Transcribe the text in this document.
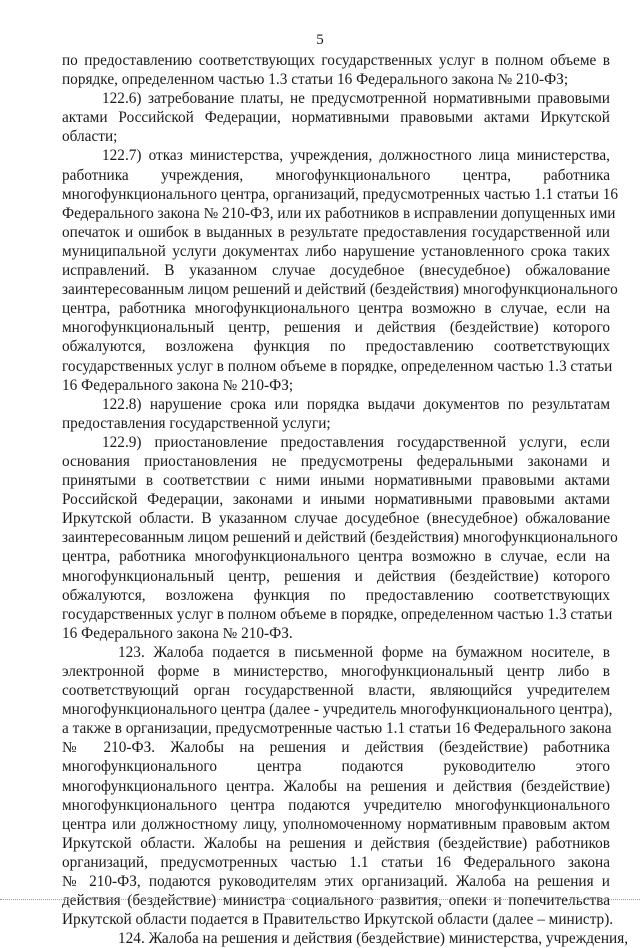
5
по предоставлению соответствующих государственных услуг в полном объеме в
порядке, определенном частью 1.3 статьи 16 Федерального закона № 210-ФЗ;
122.6) затребование платы, не предусмотренной нормативными правовыми
актами Российской Федерации, нормативными правовыми актами Иркутской
области;
122.7) отказ министерства, учреждения, должностного лица министерства,
работника учреждения, многофункционального центра, работника
многофункционального центра, организаций, предусмотренных частью 1.1 статьи 16
Федерального закона № 210-ФЗ, или их работников в исправлении допущенных ими
опечаток и ошибок в выданных в результате предоставления государственной или
муниципальной услуги документах либо нарушение установленного срока таких
исправлений. В указанном случае досудебное (внесудебное) обжалование
заинтересованным лицом решений и действий (бездействия) многофункционального
центра, работника многофункционального центра возможно в случае, если на
многофункциональный центр, решения и действия (бездействие) которого
обжалуются, возложена функция по предоставлению соответствующих
государственных услуг в полном объеме в порядке, определенном частью 1.3 статьи
16 Федерального закона № 210-ФЗ;
122.8) нарушение срока или порядка выдачи документов по результатам
предоставления государственной услуги;
122.9) приостановление предоставления государственной услуги, если
основания приостановления не предусмотрены федеральными законами и
принятыми в соответствии с ними иными нормативными правовыми актами
Российской Федерации, законами и иными нормативными правовыми актами
Иркутской области. В указанном случае досудебное (внесудебное) обжалование
заинтересованным лицом решений и действий (бездействия) многофункционального
центра, работника многофункционального центра возможно в случае, если на
многофункциональный центр, решения и действия (бездействие) которого
обжалуются, возложена функция по предоставлению соответствующих
государственных услуг в полном объеме в порядке, определенном частью 1.3 статьи
16 Федерального закона № 210-ФЗ.
123. Жалоба подается в письменной форме на бумажном носителе, в
электронной форме в министерство, многофункциональный центр либо в
соответствующий орган государственной власти, являющийся учредителем
многофункционального центра (далее - учредитель многофункционального центра),
а также в организации, предусмотренные частью 1.1 статьи 16 Федерального закона
№ 210-ФЗ. Жалобы на решения и действия (бездействие) работника
многофункционального центра подаются руководителю этого
многофункционального центра. Жалобы на решения и действия (бездействие)
многофункционального центра подаются учредителю многофункционального
центра или должностному лицу, уполномоченному нормативным правовым актом
Иркутской области. Жалобы на решения и действия (бездействие) работников
организаций, предусмотренных частью 1.1 статьи 16 Федерального закона
№ 210-ФЗ, подаются руководителям этих организаций. Жалоба на решения и
действия (бездействие) министра социального развития, опеки и попечительства
Иркутской области подается в Правительство Иркутской области (далее – министр).
124. Жалоба на решения и действия (бездействие) министерства, учреждения,
